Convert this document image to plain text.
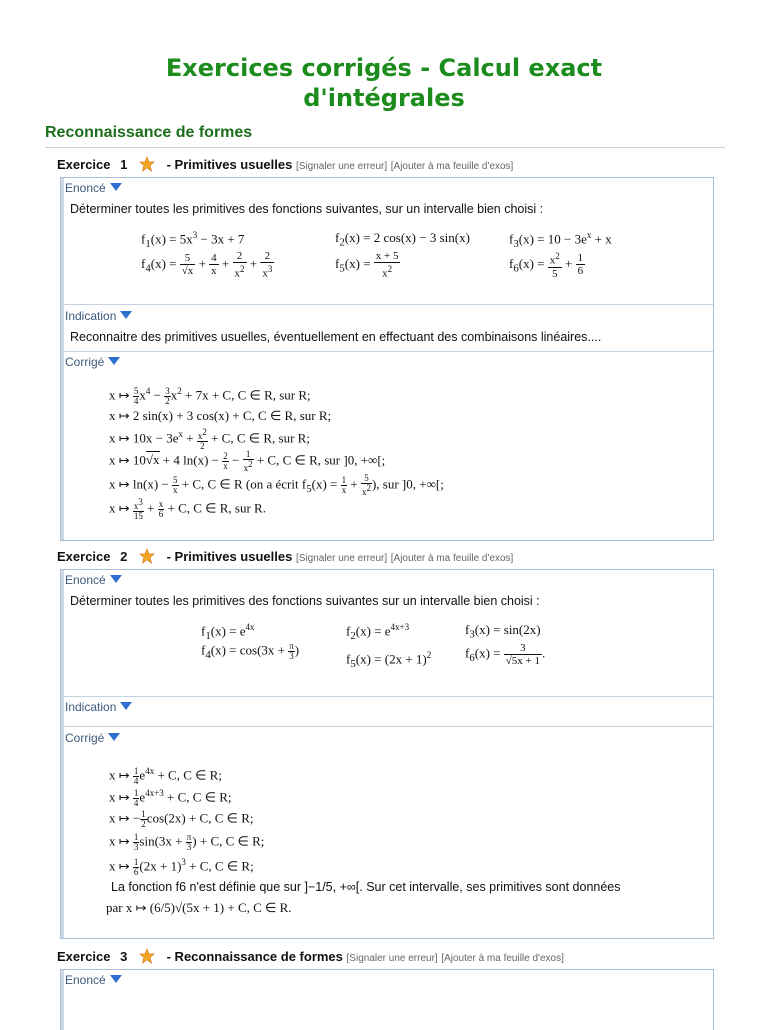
Exercices corrigés - Calcul exact
d'intégrales
Reconnaissance de formes
Exercice 1	- Primitives usuelles [Signaler une erreur] [Ajouter à ma feuille d'exos]
Enoncé
Déterminer toutes les primitives des fonctions suivantes, sur un intervalle bien choisi :
$f_1(x) = 5x^3 - 3x + 7$	$f_2(x) = 2$ cos(x) − 3 sin(x)	$f_3(x) = 10 - 3e^x + x$
$f_4(x) = \frac{5}{√x} + \frac{4}{x} + \frac{2}{x^2} + \frac{2}{x^3}$	$f_5(x) = \frac{x + 5}{x^2}$	$f_6(x) = \frac{x^2}{5} + \frac{1}{6}$
Indication
Reconnaitre des primitives usuelles, éventuellement en effectuant des combinaisons linéaires....
Corrigé
x ↦ $\frac{5}{4} x^4 - \frac{3}{2} x^2 + 7x + C$, C ∈ R, sur R;
x ↦ 2 sin(x) + 3 cos(x) + C, C ∈ R, sur R;
x ↦ $10x - 3e^x + \frac{x^2}{2} + C$, C ∈ R, sur R;
x ↦ 10√x + 4 $\ln(x) - \frac{2}{x} - \frac{1}{x^2} + C$, C ∈ R, sur ]0, +∞[;
x ↦ $\ln(x) - \frac{5}{x} + C$, C ∈ R (on a écrit $f_5(x) = \frac{1}{x} + \frac{5}{x^2}$ ), sur ]0, +∞[;
x ↦ $\frac{x^3}{15} + \frac{x}{6} + C$, C ∈ R, sur R.
Exercice 2	- Primitives usuelles [Signaler une erreur] [Ajouter à ma feuille d'exos]
Enoncé
Déterminer toutes les primitives des fonctions suivantes sur un intervalle bien choisi :
$f_1(x) = e^{4x}$	$f_2(x) = e^{4x+3}$	$f_3(x) = \sin(2x)$
$f_4(x) = \cos(3x + \frac{\pi}{3}$ )
$f_5(x) = (2x + 1)^2$	$f_6(x) = \frac{3}{√5x + 1}$ .
Indication
Corrigé
x ↦ $\frac{1}{4} e^{4x} + C$, C ∈ R;
x ↦ $\frac{1}{4} e^{4x+3} + C$, C ∈ R;
x ↦ − $\frac{1}{2} \cos(2x) + C$, C ∈ R;
x ↦ $\frac{1}{3} \sin(3x + \frac{\pi}{3}$ ) + C, C ∈ R;
x ↦ $\frac{1}{6} (2x + 1)^3 + C$, C ∈ R;
La fonction f6 n'est définie que sur ]−1/5, +∞[. Sur cet intervalle, ses primitives sont données
par x ↦ (6/5)√(5x + 1) + C, C ∈ R.
Exercice 3	- Reconnaissance de formes [Signaler une erreur] [Ajouter à ma feuille d'exos]
Enoncé
